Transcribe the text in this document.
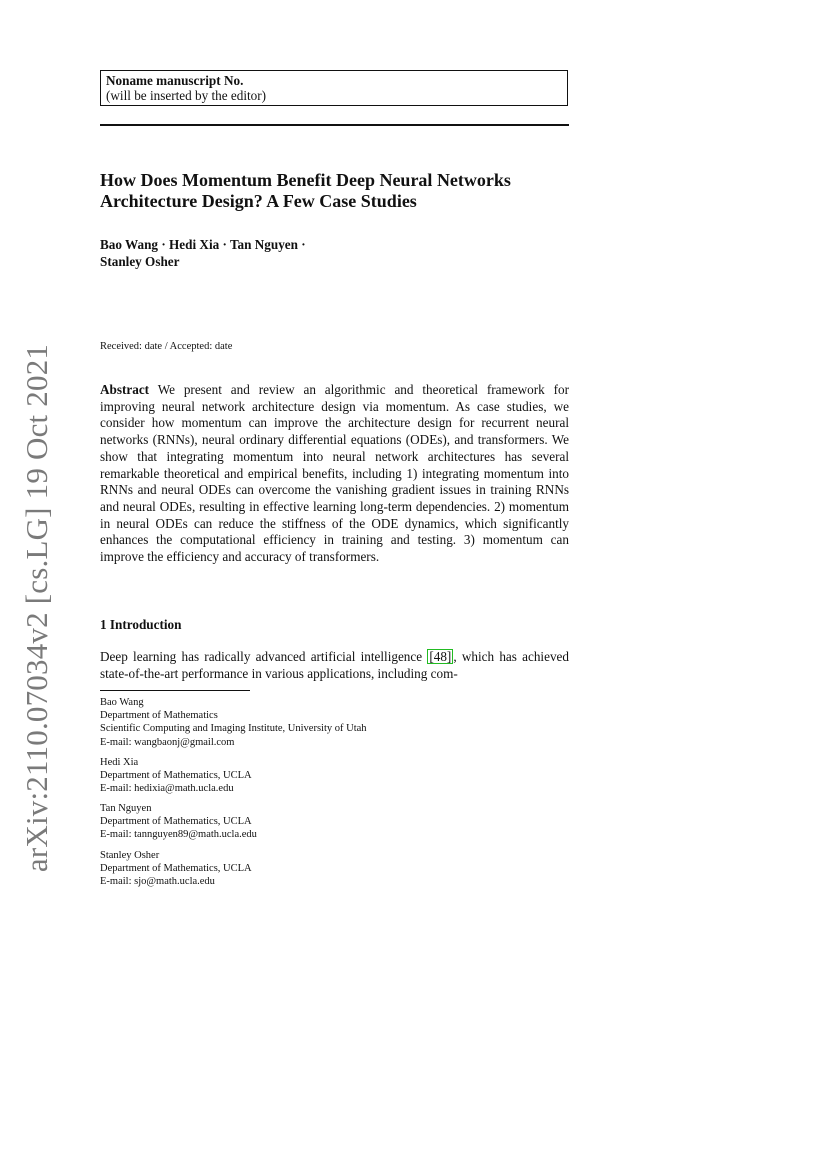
arXiv:2110.07034v2 [cs.LG] 19 Oct 2021
Noname manuscript No.
(will be inserted by the editor)
How Does Momentum Benefit Deep Neural Networks Architecture Design? A Few Case Studies
Bao Wang · Hedi Xia · Tan Nguyen ·
Stanley Osher
Received: date / Accepted: date

Abstract We present and review an algorithmic and theoretical framework for improving neural network architecture design via momentum. As case studies, we consider how momentum can improve the architecture design for recurrent neural networks (RNNs), neural ordinary differential equations (ODEs), and transformers. We show that integrating momentum into neural network architectures has several remarkable theoretical and empirical benefits, including 1) integrating momentum into RNNs and neural ODEs can overcome the vanishing gradient issues in training RNNs and neural ODEs, resulting in effective learning long-term dependencies. 2) momentum in neural ODEs can reduce the stiffness of the ODE dynamics, which significantly enhances the computational efficiency in training and testing. 3) momentum can improve the efficiency and accuracy of transformers.

1 Introduction

Deep learning has radically advanced artificial intelligence [48] , which has achieved state-of-the-art performance in various applications, including com-

Bao Wang
Department of Mathematics
Scientific Computing and Imaging Institute, University of Utah
E-mail: wangbaonj@gmail.com
Hedi Xia
Department of Mathematics, UCLA
E-mail: hedixia@math.ucla.edu
Tan Nguyen
Department of Mathematics, UCLA
E-mail: tannguyen89@math.ucla.edu
Stanley Osher
Department of Mathematics, UCLA
E-mail: sjo@math.ucla.edu
